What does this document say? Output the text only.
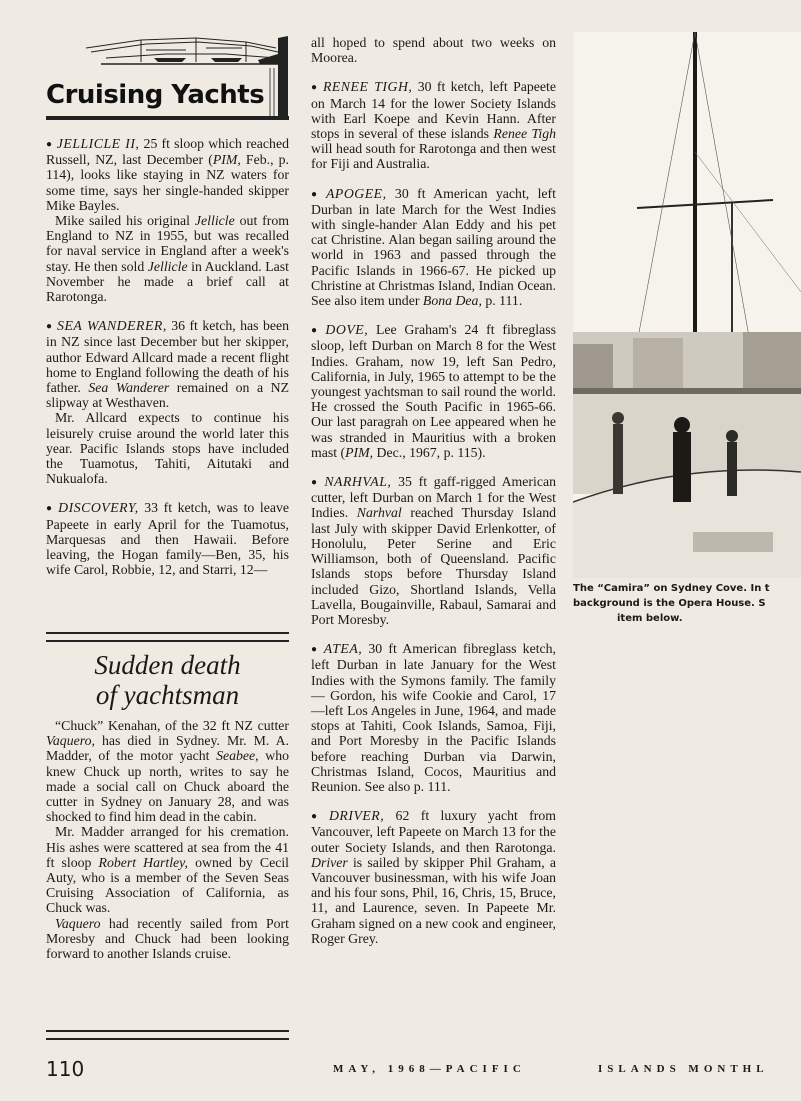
Cruising Yachts

● JELLICLE II, 25 ft sloop which reached Russell, NZ, last December (PIM, Feb., p. 114), looks like staying in NZ waters for some time, says her single-handed skipper Mike Bayles.

Mike sailed his original Jellicle out from England to NZ in 1955, but was recalled for naval service in England after a week's stay. He then sold Jellicle in Auckland. Last November he made a brief call at Rarotonga.

● SEA WANDERER, 36 ft ketch, has been in NZ since last December but her skipper, author Edward Allcard made a recent flight home to England following the death of his father. Sea Wanderer remained on a NZ slipway at Westhaven.

Mr. Allcard expects to continue his leisurely cruise around the world later this year. Pacific Islands stops have included the Tuamotus, Tahiti, Aitutaki and Nukualofa.

● DISCOVERY, 33 ft ketch, was to leave Papeete in early April for the Tuamotus, Marquesas and then Hawaii. Before leaving, the Hogan family—Ben, 35, his wife Carol, Robbie, 12, and Starri, 12—

Sudden death
of yachtsman

“Chuck” Kenahan, of the 32 ft NZ cutter Vaquero, has died in Sydney. Mr. M. A. Madder, of the motor yacht Seabee, who knew Chuck up north, writes to say he made a social call on Chuck aboard the cutter in Sydney on January 28, and was shocked to find him dead in the cabin.

Mr. Madder arranged for his cremation. His ashes were scattered at sea from the 41 ft sloop Robert Hartley, owned by Cecil Auty, who is a member of the Seven Seas Cruising Association of California, as Chuck was.

Vaquero had recently sailed from Port Moresby and Chuck had been looking forward to another Islands cruise.

all hoped to spend about two weeks on Moorea.

● RENEE TIGH, 30 ft ketch, left Papeete on March 14 for the lower Society Islands with Earl Koepe and Kevin Hann. After stops in several of these islands Renee Tigh will head south for Rarotonga and then west for Fiji and Australia.

● APOGEE, 30 ft American yacht, left Durban in late March for the West Indies with single-hander Alan Eddy and his pet cat Christine. Alan began sailing around the world in 1963 and passed through the Pacific Islands in 1966-67. He picked up Christine at Christmas Island, Indian Ocean. See also item under Bona Dea, p. 111.

● DOVE, Lee Graham's 24 ft fibreglass sloop, left Durban on March 8 for the West Indies. Graham, now 19, left San Pedro, California, in July, 1965 to attempt to be the youngest yachtsman to sail round the world. He crossed the South Pacific in 1965-66. Our last paragrah on Lee appeared when he was stranded in Mauritius with a broken mast (PIM, Dec., 1967, p. 115).

● NARHVAL, 35 ft gaff-rigged American cutter, left Durban on March 1 for the West Indies. Narhval reached Thursday Island last July with skipper David Erlenkotter, of Honolulu, Peter Serine and Eric Williamson, both of Queensland. Pacific Islands stops before Thursday Island included Gizo, Shortland Islands, Vella Lavella, Bougainville, Rabaul, Samarai and Port Moresby.

● ATEA, 30 ft American fibreglass ketch, left Durban in late January for the West Indies with the Symons family. The family — Gordon, his wife Cookie and Carol, 17—left Los Angeles in June, 1964, and made stops at Tahiti, Cook Islands, Samoa, Fiji, and Port Moresby in the Pacific Islands before reaching Durban via Darwin, Christmas Island, Cocos, Mauritius and Reunion. See also p. 111.

● DRIVER, 62 ft luxury yacht from Vancouver, left Papeete on March 13 for the outer Society Islands, and then Rarotonga. Driver is sailed by skipper Phil Graham, a Vancouver businessman, with his wife Joan and his four sons, Phil, 16, Chris, 15, Bruce, 11, and Laurence, seven. In Papeete Mr. Graham signed on a new cook and engineer, Roger Grey.

The “Camira” on Sydney Cove. In t
background is the Opera House. S
item below.

110	MAY, 1968—PACIFIC	ISLANDS MONTHL
